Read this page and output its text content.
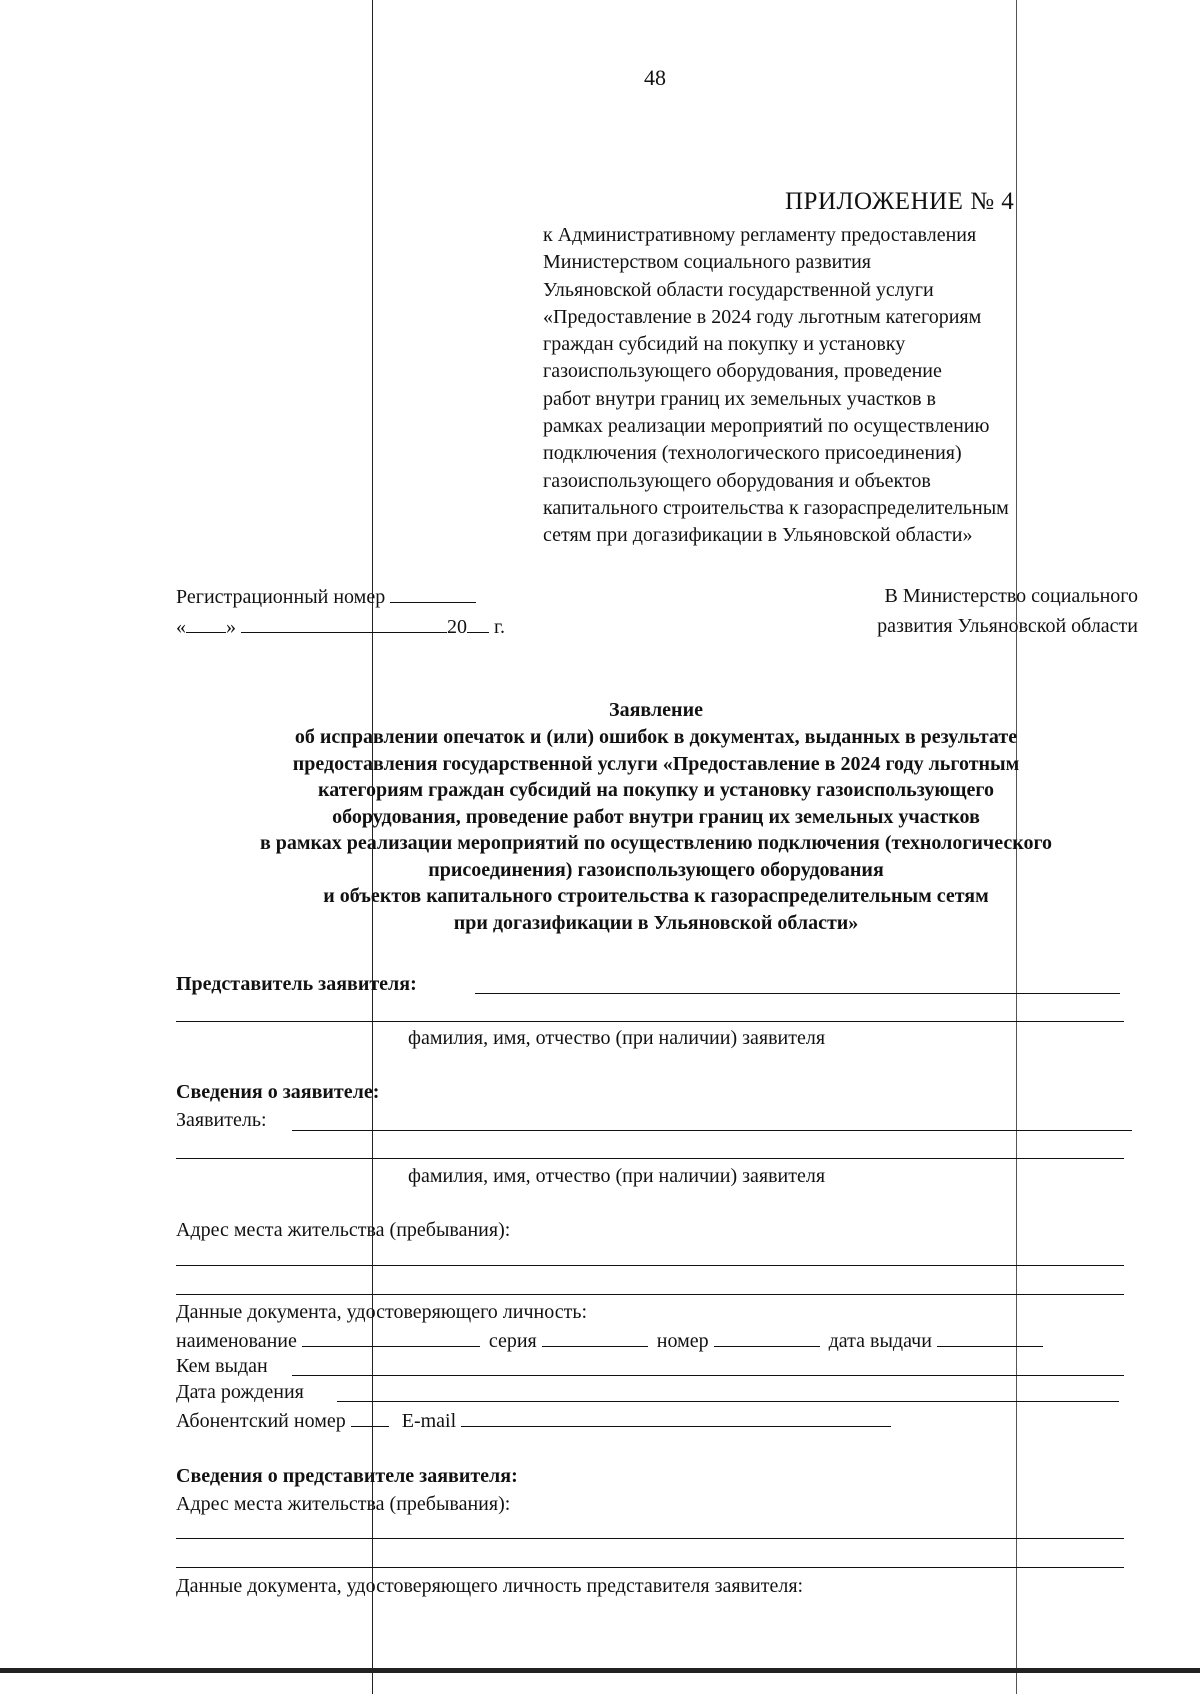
48
ПРИЛОЖЕНИЕ № 4
к Административному регламенту предоставления
Министерством социального развития
Ульяновской области государственной услуги
«Предоставление в 2024 году льготным категориям
граждан субсидий на покупку и установку
газоиспользующего оборудования, проведение
работ внутри границ их земельных участков в
рамках реализации мероприятий по осуществлению
подключения (технологического присоединения)
газоиспользующего оборудования и объектов
капитального строительства к газораспределительным
сетям при догазификации в Ульяновской области»
Регистрационный номер
« »	20 г.
В Министерство социального
развития Ульяновской области
Заявление
об исправлении опечаток и (или) ошибок в документах, выданных в результате
предоставления государственной услуги «Предоставление в 2024 году льготным
категориям граждан субсидий на покупку и установку газоиспользующего
оборудования, проведение работ внутри границ их земельных участков
в рамках реализации мероприятий по осуществлению подключения (технологического
присоединения) газоиспользующего оборудования
и объектов капитального строительства к газораспределительным сетям
при догазификации в Ульяновской области»
Представитель заявителя:
фамилия, имя, отчество (при наличии) заявителя
Сведения о заявителе:
Заявитель:
фамилия, имя, отчество (при наличии) заявителя
Адрес места жительства (пребывания):
Данные документа, удостоверяющего личность:
наименование	серия	номер	дата выдачи
Кем выдан
Дата рождения
Абонентский номер	E-mail
Сведения о представителе заявителя:
Адрес места жительства (пребывания):
Данные документа, удостоверяющего личность представителя заявителя:
